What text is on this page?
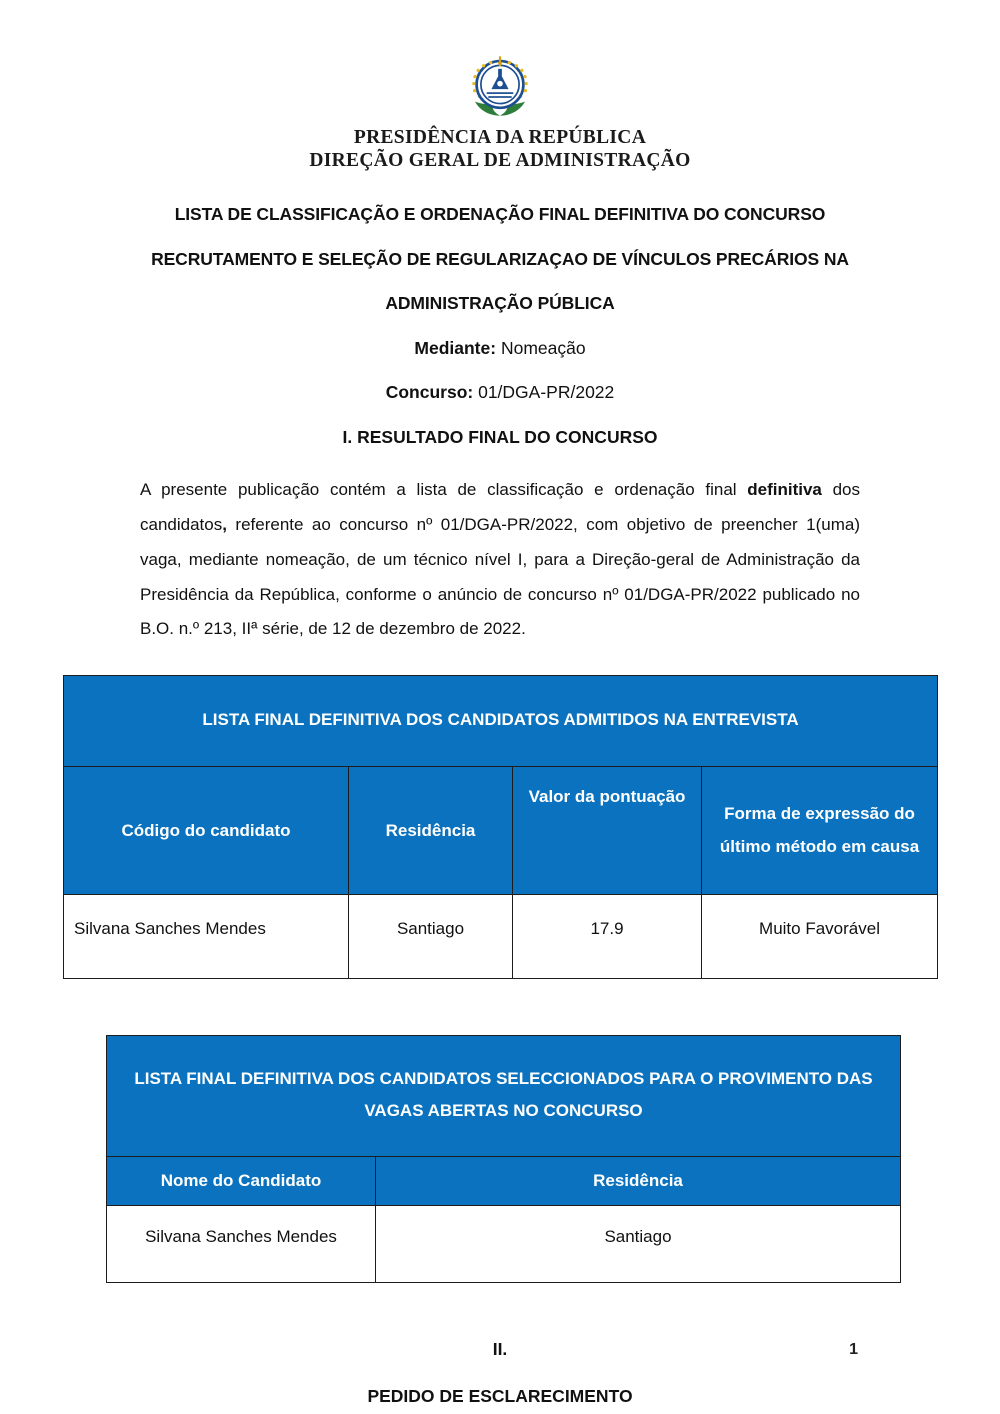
PRESIDÊNCIA DA REPÚBLICA
DIREÇÃO GERAL DE ADMINISTRAÇÃO
LISTA DE CLASSIFICAÇÃO E ORDENAÇÃO FINAL DEFINITIVA DO CONCURSO
RECRUTAMENTO E SELEÇÃO DE REGULARIZAÇAO DE VÍNCULOS PRECÁRIOS NA
ADMINISTRAÇÃO PÚBLICA
Mediante: Nomeação
Concurso: 01/DGA-PR/2022
I. RESULTADO FINAL DO CONCURSO

A presente publicação contém a lista de classificação e ordenação final definitiva dos candidatos, referente ao concurso nº 01/DGA-PR/2022, com objetivo de preencher 1(uma) vaga, mediante nomeação, de um técnico nível I, para a Direção-geral de Administração da Presidência da República, conforme o anúncio de concurso nº 01/DGA-PR/2022 publicado no B.O. n.º 213, IIª série, de 12 de dezembro de 2022.

LISTA FINAL DEFINITIVA DOS CANDIDATOS ADMITIDOS NA ENTREVISTA			
Código do candidato	Residência	Valor da pontuação	Forma de expressão do último método em causa
Silvana Sanches Mendes	Santiago	17.9	Muito Favorável
LISTA FINAL DEFINITIVA DOS CANDIDATOS SELECCIONADOS PARA O PROVIMENTO DAS VAGAS ABERTAS NO CONCURSO	
Nome do Candidato	Residência
Silvana Sanches Mendes	Santiago
II.
PEDIDO DE ESCLARECIMENTO
1
